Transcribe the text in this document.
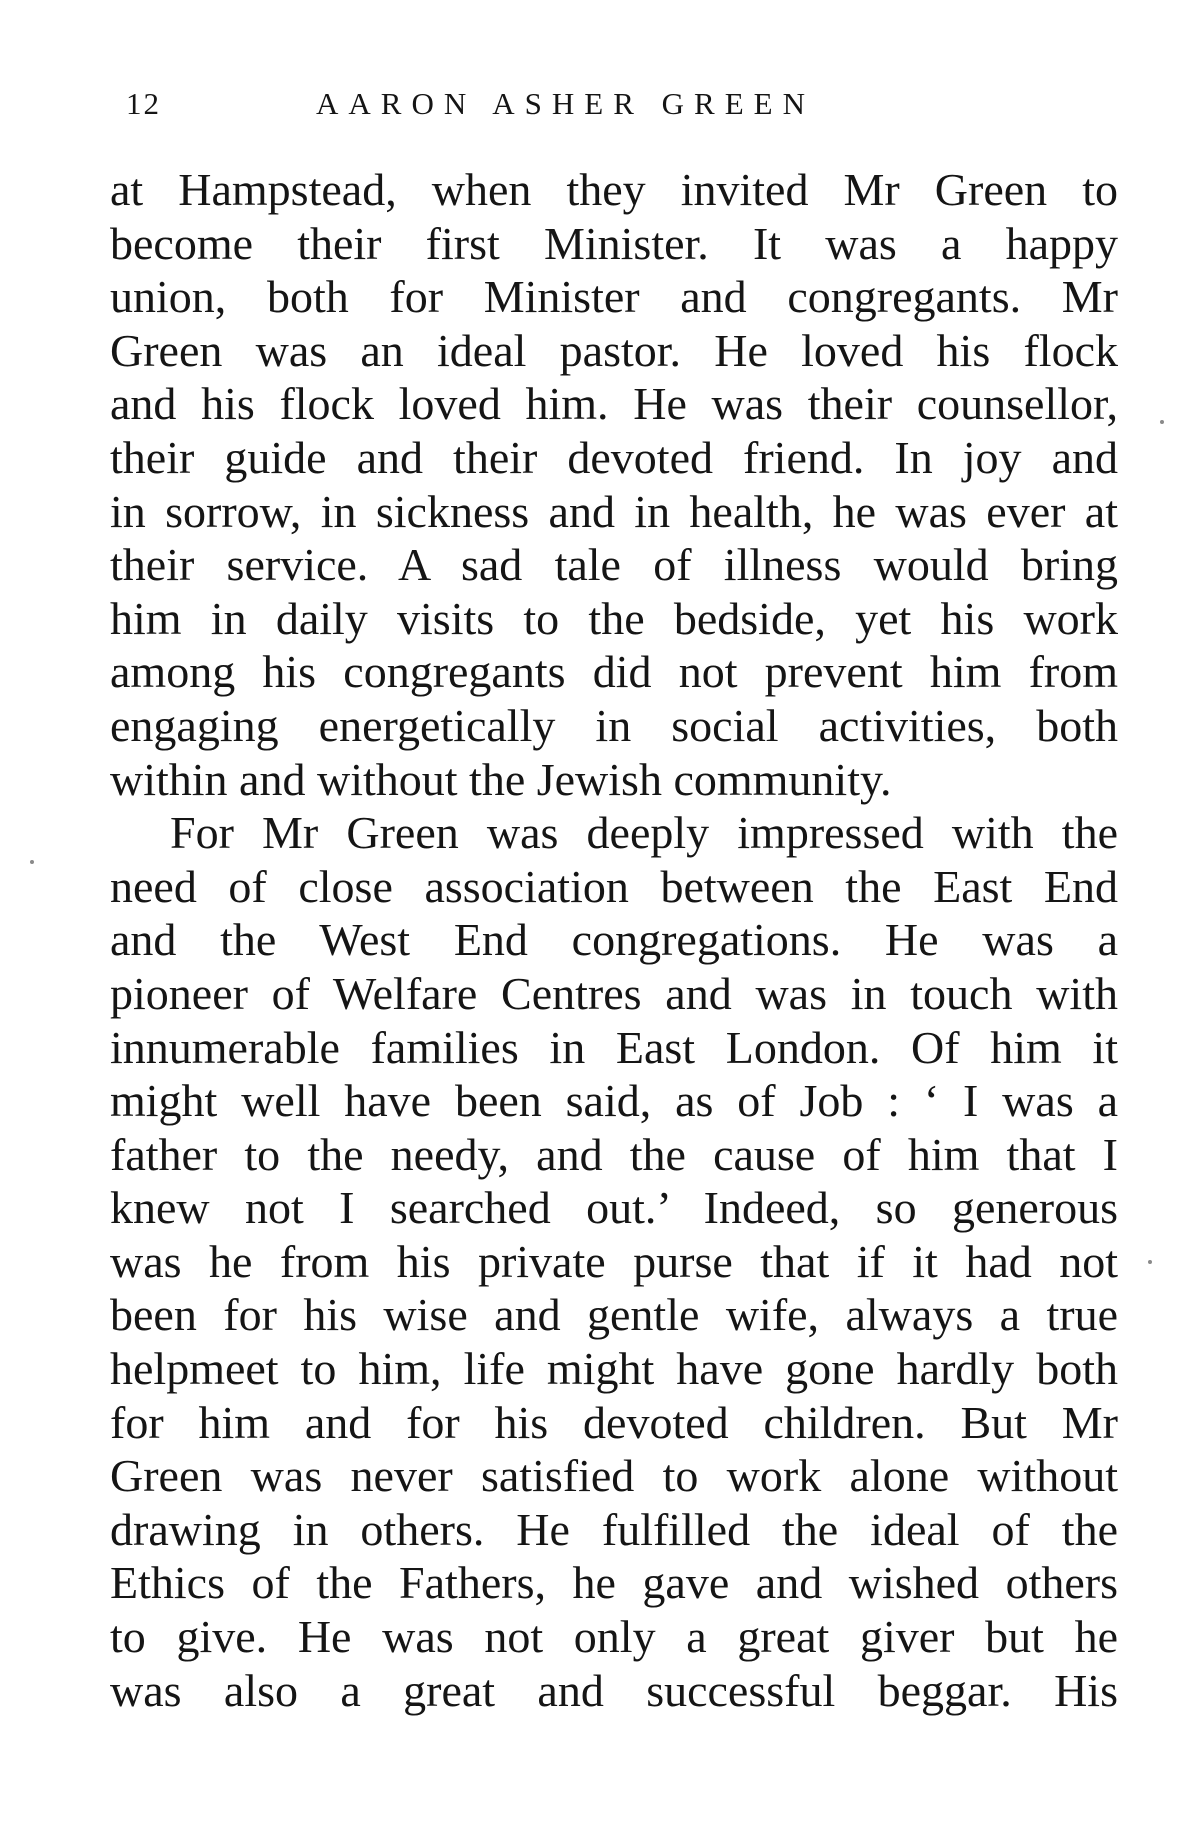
12	AARON ASHER GREEN
at Hampstead, when they invited Mr Green to
become their first Minister. It was a happy
union, both for Minister and congregants. Mr
Green was an ideal pastor. He loved his flock
and his flock loved him. He was their counsellor,
their guide and their devoted friend. In joy and
in sorrow, in sickness and in health, he was ever at
their service. A sad tale of illness would bring
him in daily visits to the bedside, yet his work
among his congregants did not prevent him from
engaging energetically in social activities, both
within and without the Jewish community.
For Mr Green was deeply impressed with the
need of close association between the East End
and the West End congregations. He was a
pioneer of Welfare Centres and was in touch with
innumerable families in East London. Of him it
might well have been said, as of Job : ‘ I was a
father to the needy, and the cause of him that I
knew not I searched out.’ Indeed, so generous
was he from his private purse that if it had not
been for his wise and gentle wife, always a true
helpmeet to him, life might have gone hardly both
for him and for his devoted children. But Mr
Green was never satisfied to work alone without
drawing in others. He fulfilled the ideal of the
Ethics of the Fathers, he gave and wished others
to give. He was not only a great giver but he
was also a great and successful beggar. His
